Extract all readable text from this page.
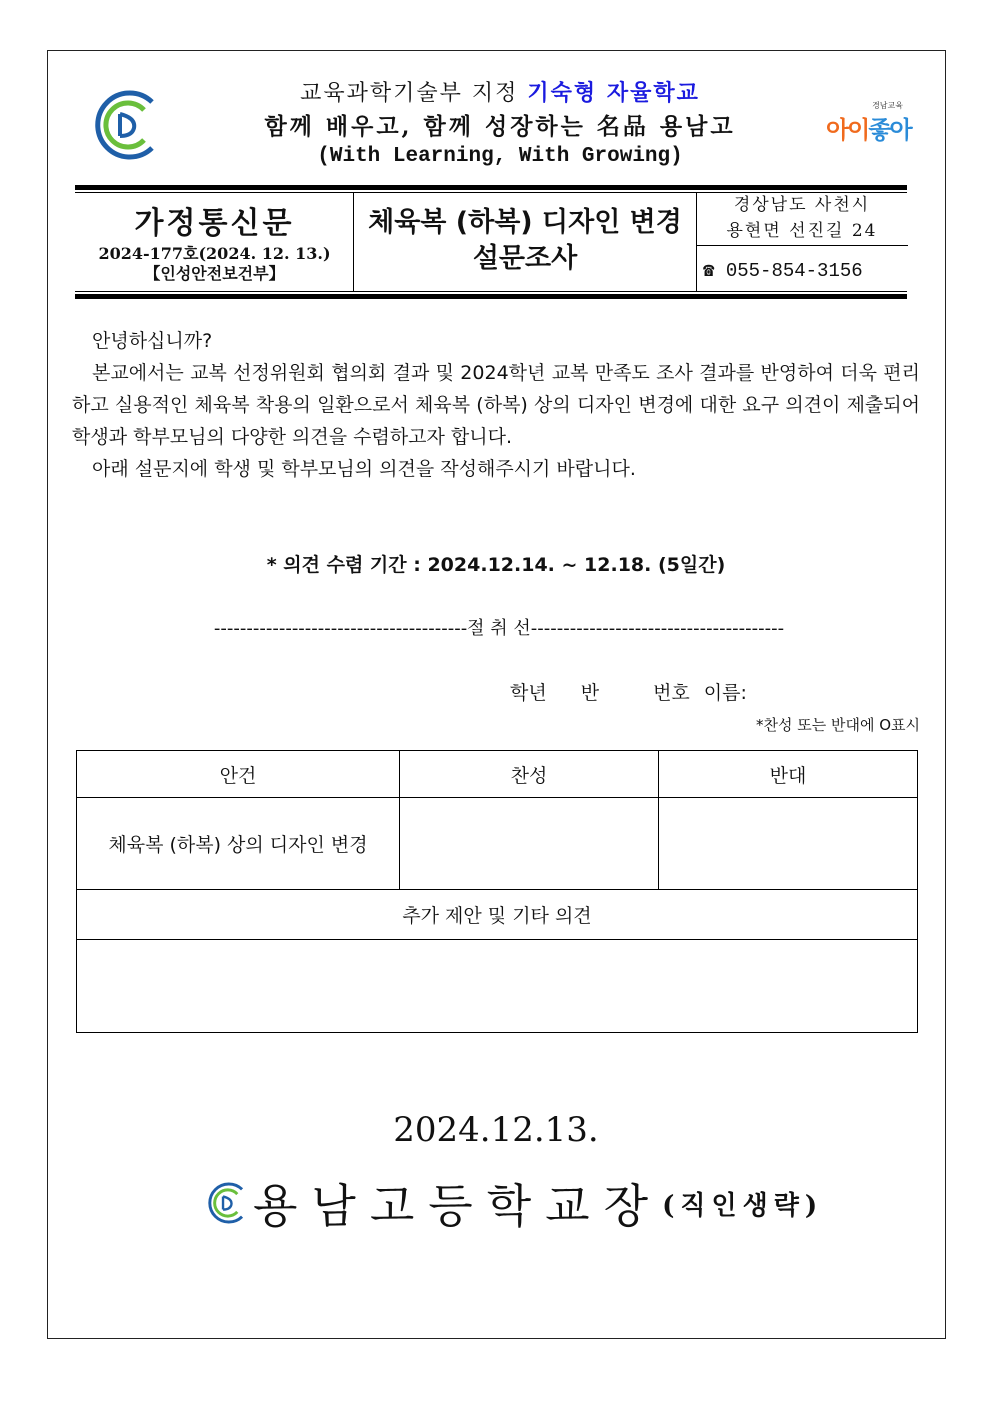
교육과학기술부 지정 기숙형 자율학교
함께 배우고, 함께 성장하는 名品 용남고
(With Learning, With Growing)
경남교육
아이좋아
가정통신문
2024-177호(2024. 12. 13.)
【인성안전보건부】
체육복 (하복) 디자인 변경
설문조사
경상남도 사천시
용현면 선진길 24
☎ 055-854-3156

안녕하십니까?

본교에서는 교복 선정위원회 협의회 결과 및 2024학년 교복 만족도 조사 결과를 반영하여 더욱 편리하고 실용적인 체육복 착용의 일환으로서 체육복 (하복) 상의 디자인 변경에 대한 요구 의견이 제출되어 학생과 학부모님의 다양한 의견을 수렴하고자 합니다.

아래 설문지에 학생 및 학부모님의 의견을 작성해주시기 바랍니다.

* 의견 수렴 기간 : 2024.12.14. ~ 12.18. (5일간)
---------------------------------------절 취 선---------------------------------------
학년 반	번호 이름:
*찬성 또는 반대에 O표시
안건	찬성	반대
체육복 (하복) 상의 디자인 변경		
추가 제안 및 기타 의견		

2024.12.13.
용남고등학교장 (직인생략)
